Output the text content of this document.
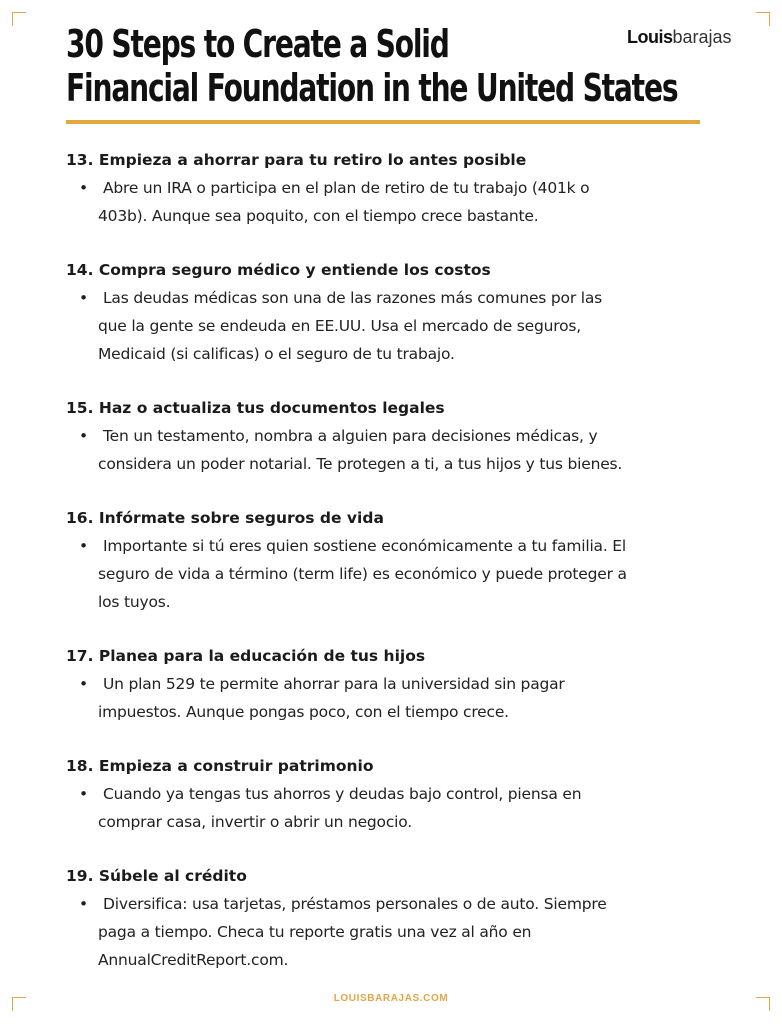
30 Steps to Create a Solid
Financial Foundation in the United States
Louisbarajas
13. Empieza a ahorrar para tu retiro lo antes posible
• Abre un IRA o participa en el plan de retiro de tu trabajo (401k o
403b). Aunque sea poquito, con el tiempo crece bastante.
14. Compra seguro médico y entiende los costos
• Las deudas médicas son una de las razones más comunes por las
que la gente se endeuda en EE.UU. Usa el mercado de seguros,
Medicaid (si calificas) o el seguro de tu trabajo.
15. Haz o actualiza tus documentos legales
• Ten un testamento, nombra a alguien para decisiones médicas, y
considera un poder notarial. Te protegen a ti, a tus hijos y tus bienes.
16. Infórmate sobre seguros de vida
• Importante si tú eres quien sostiene económicamente a tu familia. El
seguro de vida a término (term life) es económico y puede proteger a
los tuyos.
17. Planea para la educación de tus hijos
• Un plan 529 te permite ahorrar para la universidad sin pagar
impuestos. Aunque pongas poco, con el tiempo crece.
18. Empieza a construir patrimonio
• Cuando ya tengas tus ahorros y deudas bajo control, piensa en
comprar casa, invertir o abrir un negocio.
19. Súbele al crédito
• Diversifica: usa tarjetas, préstamos personales o de auto. Siempre
paga a tiempo. Checa tu reporte gratis una vez al año en
AnnualCreditReport.com.
LOUISBARAJAS.COM
